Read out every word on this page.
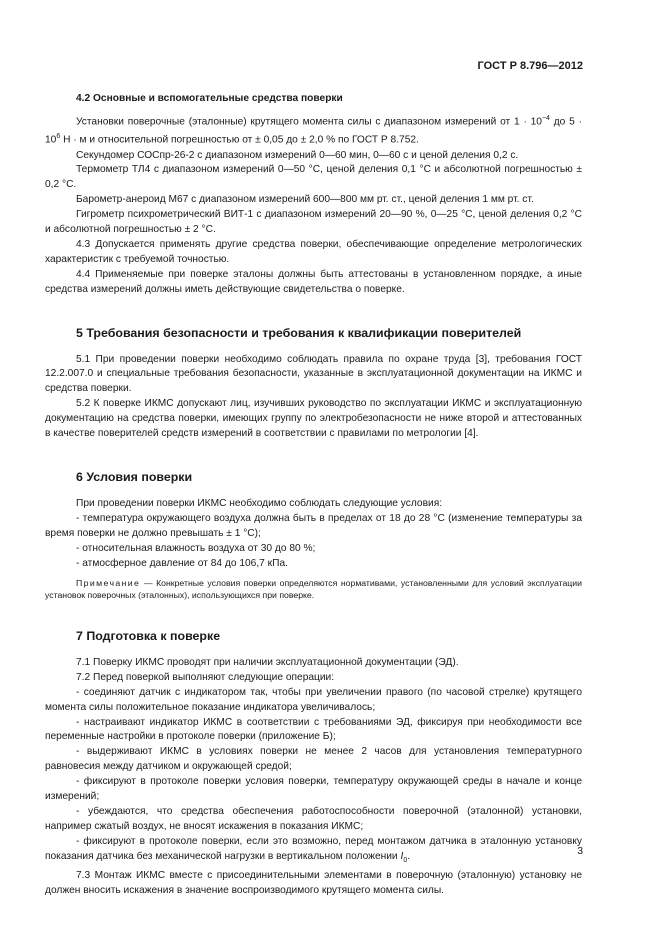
ГОСТ Р 8.796—2012

4.2 Основные и вспомогательные средства поверки

Установки поверочные (эталонные) крутящего момента силы с диапазоном измерений от $1 \cdot 10^{-4}$ до $5 \cdot 10^6$ Н · м и относительной погрешностью от ± 0,05 до ± 2,0 % по ГОСТ Р 8.752.

Секундомер СОСпр-26-2 с диапазоном измерений 0—60 мин, 0—60 с и ценой деления 0,2 с.

Термометр ТЛ4 с диапазоном измерений 0—50 °С, ценой деления 0,1 °С и абсолютной погрешностью ± 0,2 °С.

Барометр-анероид М67 с диапазоном измерений 600—800 мм рт. ст., ценой деления 1 мм рт. ст.

Гигрометр психрометрический ВИТ-1 с диапазоном измерений 20—90 %, 0—25 °С, ценой деления 0,2 °С и абсолютной погрешностью ± 2 °С.

4.3 Допускается применять другие средства поверки, обеспечивающие определение метрологических характеристик с требуемой точностью.

4.4 Применяемые при поверке эталоны должны быть аттестованы в установленном порядке, а иные средства измерений должны иметь действующие свидетельства о поверке.

5 Требования безопасности и требования к квалификации поверителей

5.1 При проведении поверки необходимо соблюдать правила по охране труда [3], требования ГОСТ 12.2.007.0 и специальные требования безопасности, указанные в эксплуатационной документации на ИКМС и средства поверки.

5.2 К поверке ИКМС допускают лиц, изучивших руководство по эксплуатации ИКМС и эксплуатационную документацию на средства поверки, имеющих группу по электробезопасности не ниже второй и аттестованных в качестве поверителей средств измерений в соответствии с правилами по метрологии [4].

6 Условия поверки

При проведении поверки ИКМС необходимо соблюдать следующие условия:

- температура окружающего воздуха должна быть в пределах от 18 до 28 °С (изменение температуры за время поверки не должно превышать ± 1 °С);

- относительная влажность воздуха от 30 до 80 %;

- атмосферное давление от 84 до 106,7 кПа.

Примечание — Конкретные условия поверки определяются нормативами, установленными для условий эксплуатации установок поверочных (эталонных), использующихся при поверке.

7 Подготовка к поверке

7.1 Поверку ИКМС проводят при наличии эксплуатационной документации (ЭД).

7.2 Перед поверкой выполняют следующие операции:

- соединяют датчик с индикатором так, чтобы при увеличении правого (по часовой стрелке) крутящего момента силы положительное показание индикатора увеличивалось;

- настраивают индикатор ИКМС в соответствии с требованиями ЭД, фиксируя при необходимости все переменные настройки в протоколе поверки (приложение Б);

- выдерживают ИКМС в условиях поверки не менее 2 часов для установления температурного равновесия между датчиком и окружающей средой;

- фиксируют в протоколе поверки условия поверки, температуру окружающей среды в начале и конце измерений;

- убеждаются, что средства обеспечения работоспособности поверочной (эталонной) установки, например сжатый воздух, не вносят искажения в показания ИКМС;

- фиксируют в протоколе поверки, если это возможно, перед монтажом датчика в эталонную установку показания датчика без механической нагрузки в вертикальном положении $I_0$.

7.3 Монтаж ИКМС вместе с присоединительными элементами в поверочную (эталонную) установку не должен вносить искажения в значение воспроизводимого крутящего момента силы.

3
